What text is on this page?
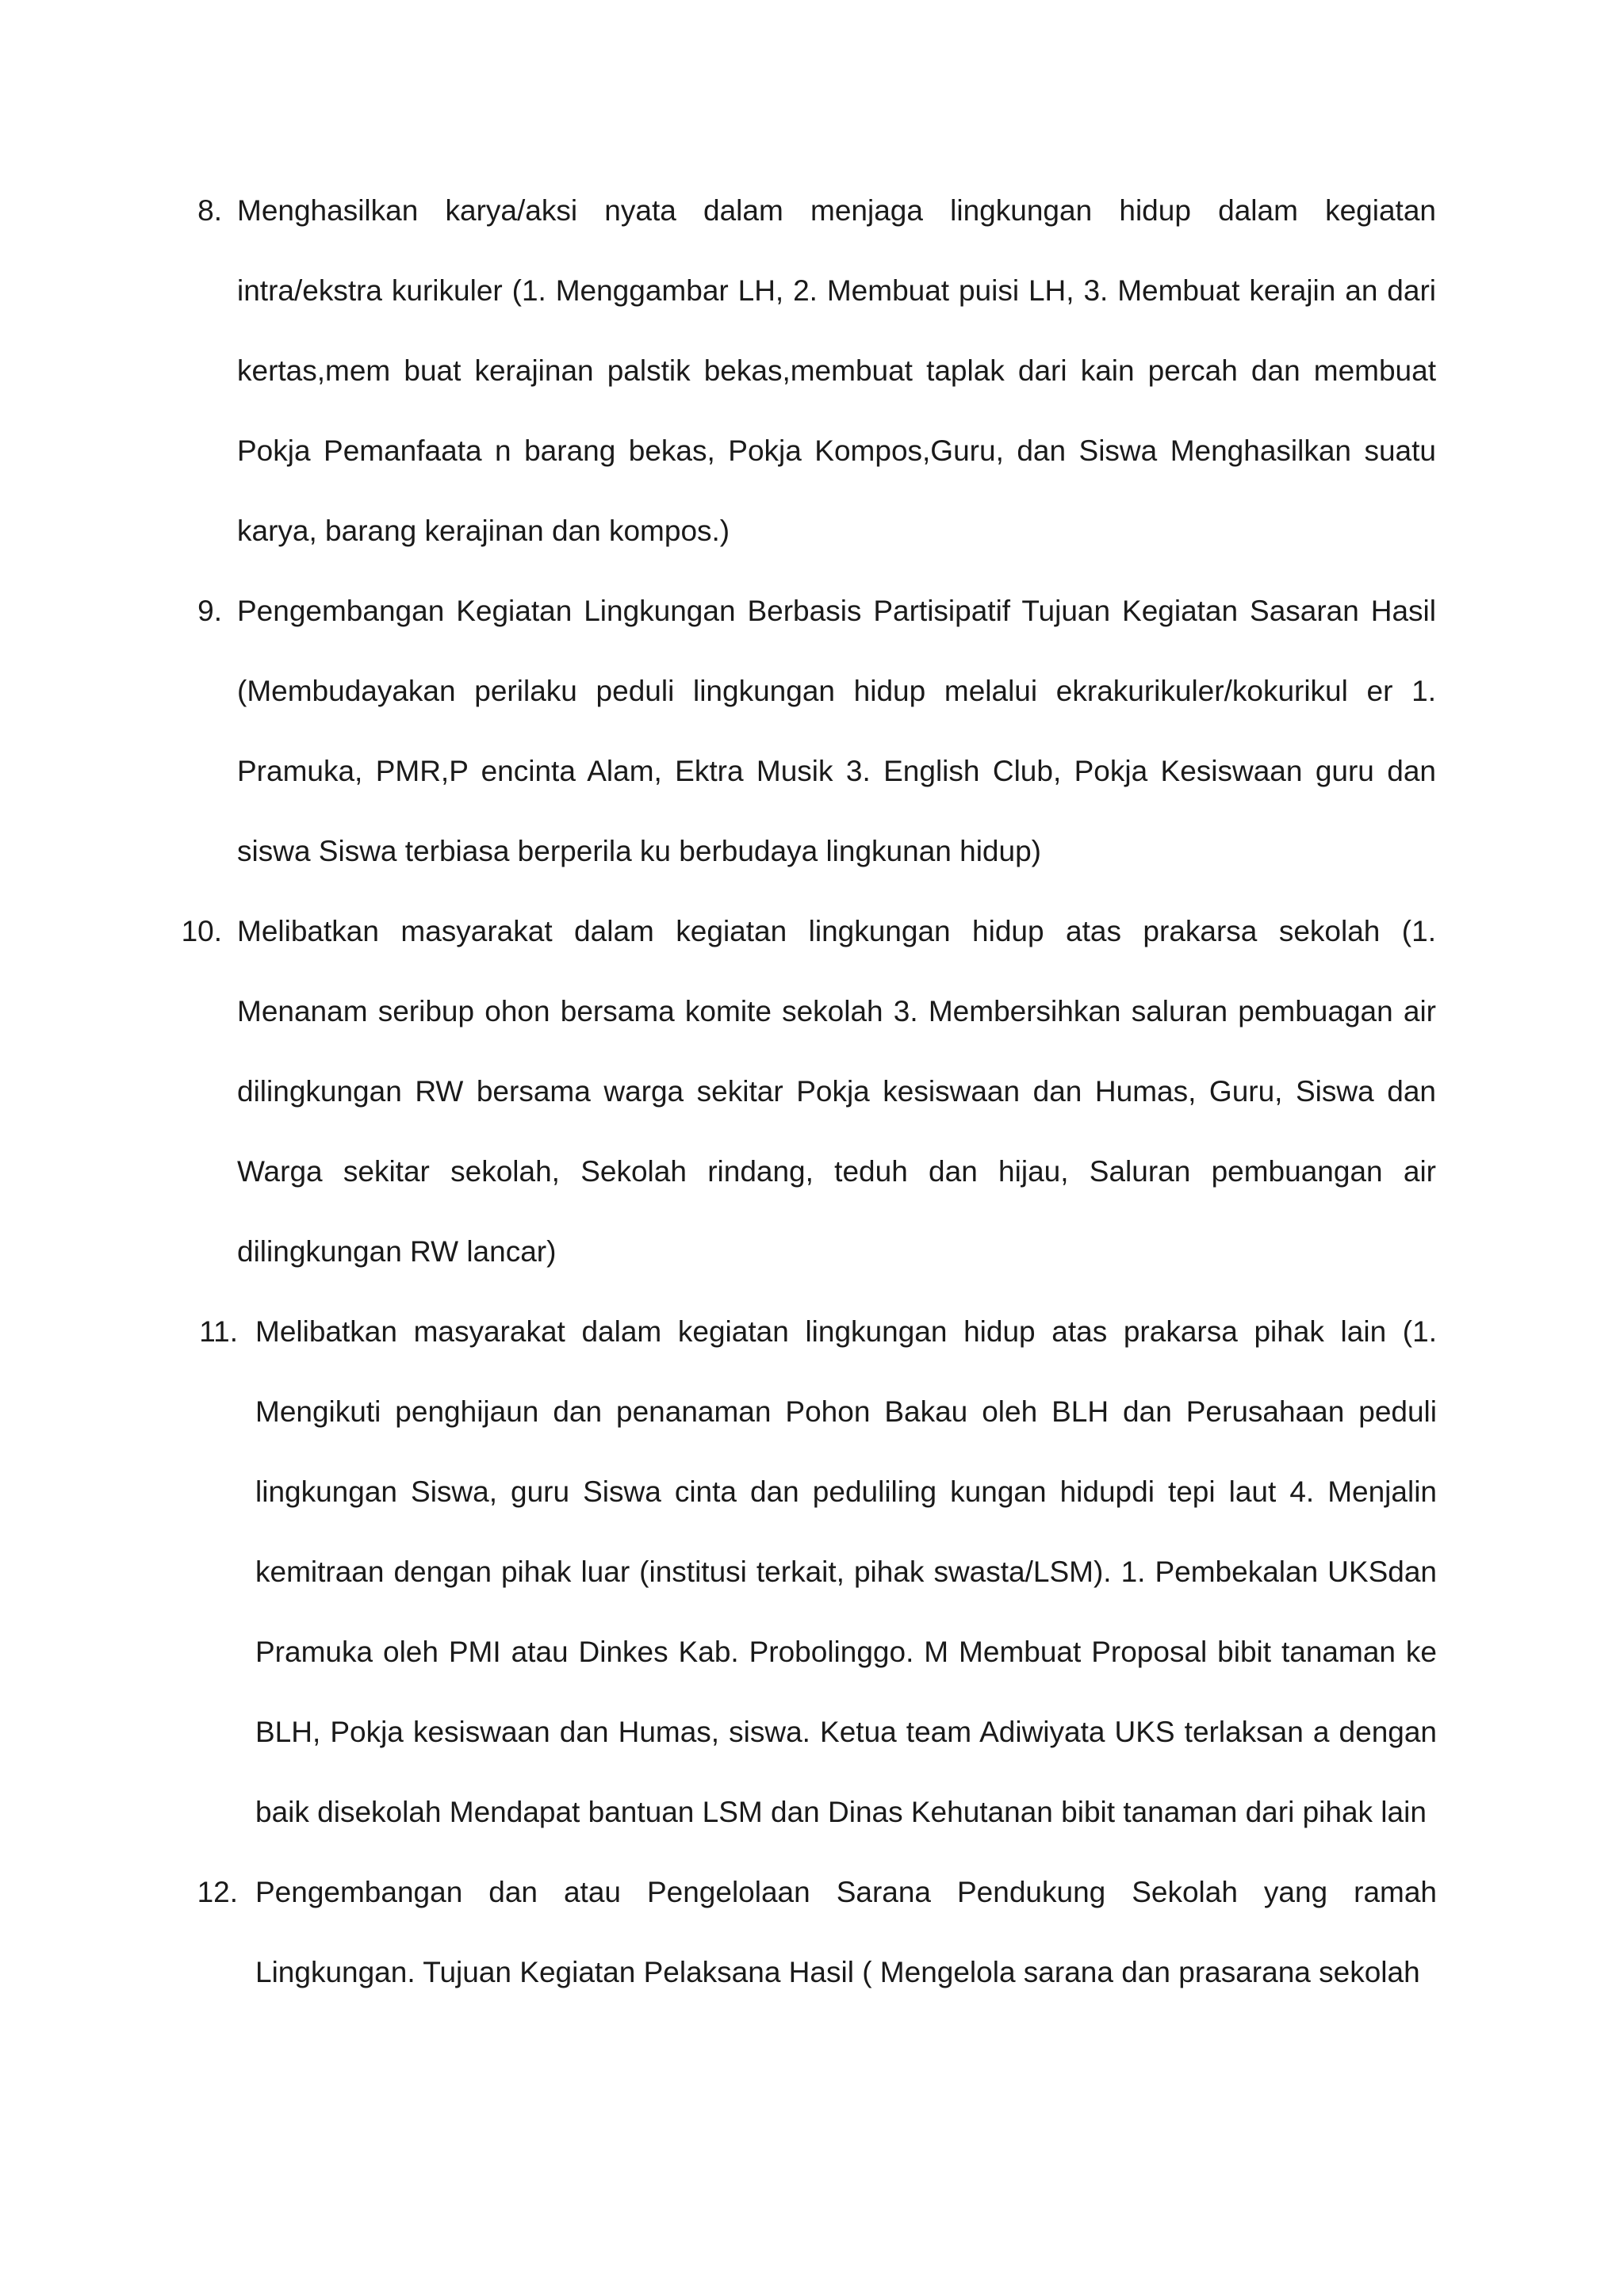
8. Menghasilkan karya/aksi nyata dalam menjaga lingkungan hidup dalam kegiatan intra/ekstra kurikuler (1. Menggambar LH, 2. Membuat puisi LH, 3. Membuat kerajin an dari kertas,mem buat kerajinan palstik bekas,membuat taplak dari kain percah dan membuat Pokja Pemanfaata n barang bekas, Pokja Kompos,Guru, dan Siswa Menghasilkan suatu karya, barang kerajinan dan kompos.)
9. Pengembangan Kegiatan Lingkungan Berbasis Partisipatif Tujuan Kegiatan Sasaran Hasil (Membudayakan perilaku peduli lingkungan hidup melalui ekrakurikuler/kokurikul er 1. Pramuka, PMR,P encinta Alam, Ektra Musik 3. English Club, Pokja Kesiswaan guru dan siswa Siswa terbiasa berperila ku berbudaya lingkunan hidup)
10. Melibatkan masyarakat dalam kegiatan lingkungan hidup atas prakarsa sekolah (1. Menanam seribup ohon bersama komite sekolah 3. Membersihkan saluran pembuagan air dilingkungan RW bersama warga sekitar Pokja kesiswaan dan Humas, Guru, Siswa dan Warga sekitar sekolah, Sekolah rindang, teduh dan hijau, Saluran pembuangan air dilingkungan RW lancar)
11. Melibatkan masyarakat dalam kegiatan lingkungan hidup atas prakarsa pihak lain (1. Mengikuti penghijaun dan penanaman Pohon Bakau oleh BLH dan Perusahaan peduli lingkungan Siswa, guru Siswa cinta dan peduliling kungan hidupdi tepi laut 4. Menjalin kemitraan dengan pihak luar (institusi terkait, pihak swasta/LSM). 1. Pembekalan UKSdan Pramuka oleh PMI atau Dinkes Kab. Probolinggo. M Membuat Proposal bibit tanaman ke BLH, Pokja kesiswaan dan Humas, siswa. Ketua team Adiwiyata UKS terlaksan a dengan baik disekolah Mendapat bantuan LSM dan Dinas Kehutanan bibit tanaman dari pihak lain
12. Pengembangan dan atau Pengelolaan Sarana Pendukung Sekolah yang ramah Lingkungan. Tujuan Kegiatan Pelaksana Hasil ( Mengelola sarana dan prasarana sekolah
